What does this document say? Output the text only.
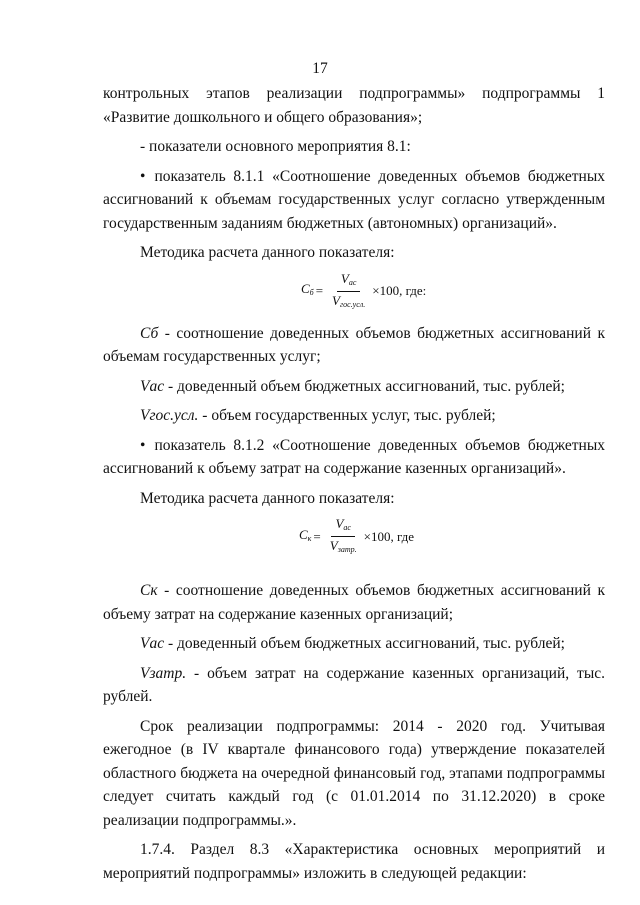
17

контрольных этапов реализации подпрограммы» подпрограммы 1 «Развитие дошкольного и общего образования»;

- показатели основного мероприятия 8.1:

• показатель 8.1.1 «Соотношение доведенных объемов бюджетных ассигнований к объемам государственных услуг согласно утвержденным государственным заданиям бюджетных (автономных) организаций».

Методика расчета данного показателя:

$C_б = \frac{V_{ac}}{V_{гос.усл.}} \times 100$, где:

Сб - соотношение доведенных объемов бюджетных ассигнований к объемам государственных услуг;

Vас - доведенный объем бюджетных ассигнований, тыс. рублей;

Vгос.усл. - объем государственных услуг, тыс. рублей;

• показатель 8.1.2 «Соотношение доведенных объемов бюджетных ассигнований к объему затрат на содержание казенных организаций».

Методика расчета данного показателя:

$C_к = \frac{V_{ac}}{V_{затр.}} \times 100$, где

Ск - соотношение доведенных объемов бюджетных ассигнований к объему затрат на содержание казенных организаций;

Vас - доведенный объем бюджетных ассигнований, тыс. рублей;

Vзатр. - объем затрат на содержание казенных организаций, тыс. рублей.

Срок реализации подпрограммы: 2014 - 2020 год. Учитывая ежегодное (в IV квартале финансового года) утверждение показателей областного бюджета на очередной финансовый год, этапами подпрограммы следует считать каждый год (с 01.01.2014 по 31.12.2020) в сроке реализации подпрограммы.».

1.7.4. Раздел 8.3 «Характеристика основных мероприятий и мероприятий подпрограммы» изложить в следующей редакции:
